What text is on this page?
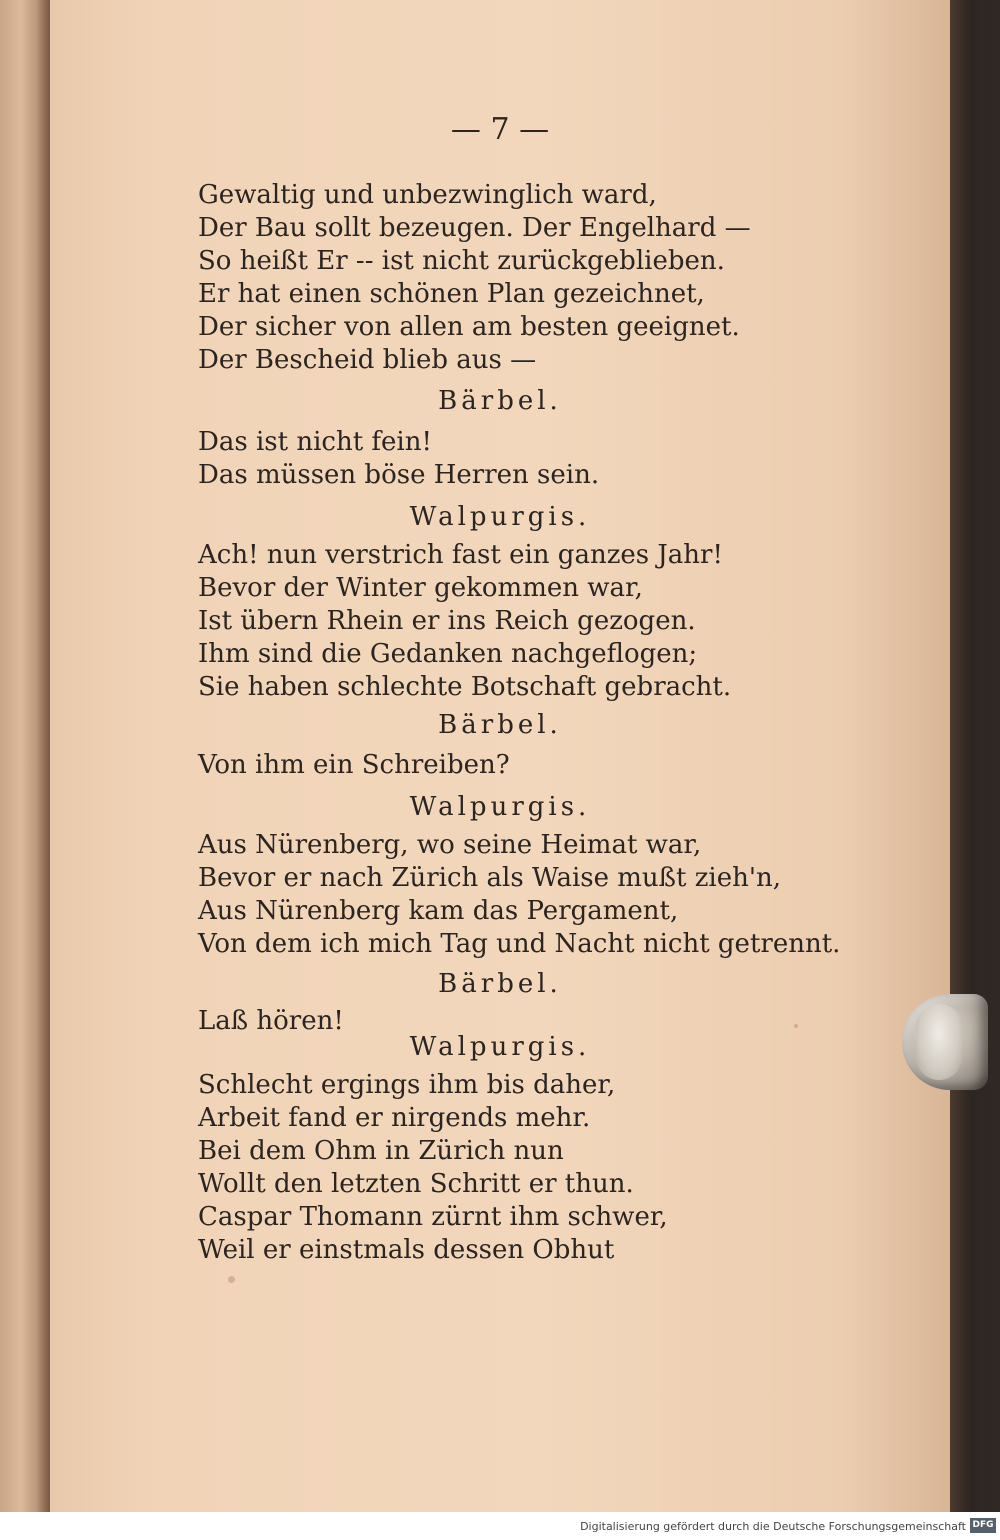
— 7 —

Gewaltig und unbezwinglich ward,

Der Bau sollt bezeugen. Der Engelhard —

So heißt Er -- ist nicht zurückgeblieben.

Er hat einen schönen Plan gezeichnet,

Der sicher von allen am besten geeignet.

Der Bescheid blieb aus —

Bärbel.

Das ist nicht fein!

Das müssen böse Herren sein.

Walpurgis.

Ach! nun verstrich fast ein ganzes Jahr!

Bevor der Winter gekommen war,

Ist übern Rhein er ins Reich gezogen.

Ihm sind die Gedanken nachgeflogen;

Sie haben schlechte Botschaft gebracht.

Bärbel.

Von ihm ein Schreiben?

Walpurgis.

Aus Nürenberg, wo seine Heimat war,

Bevor er nach Zürich als Waise mußt zieh'n,

Aus Nürenberg kam das Pergament,

Von dem ich mich Tag und Nacht nicht getrennt.

Bärbel.

Laß hören!

Walpurgis.

Schlecht ergings ihm bis daher,

Arbeit fand er nirgends mehr.

Bei dem Ohm in Zürich nun

Wollt den letzten Schritt er thun.

Caspar Thomann zürnt ihm schwer,

Weil er einstmals dessen Obhut

Digitalisierung gefördert durch die Deutsche Forschungsgemeinschaft DFG
